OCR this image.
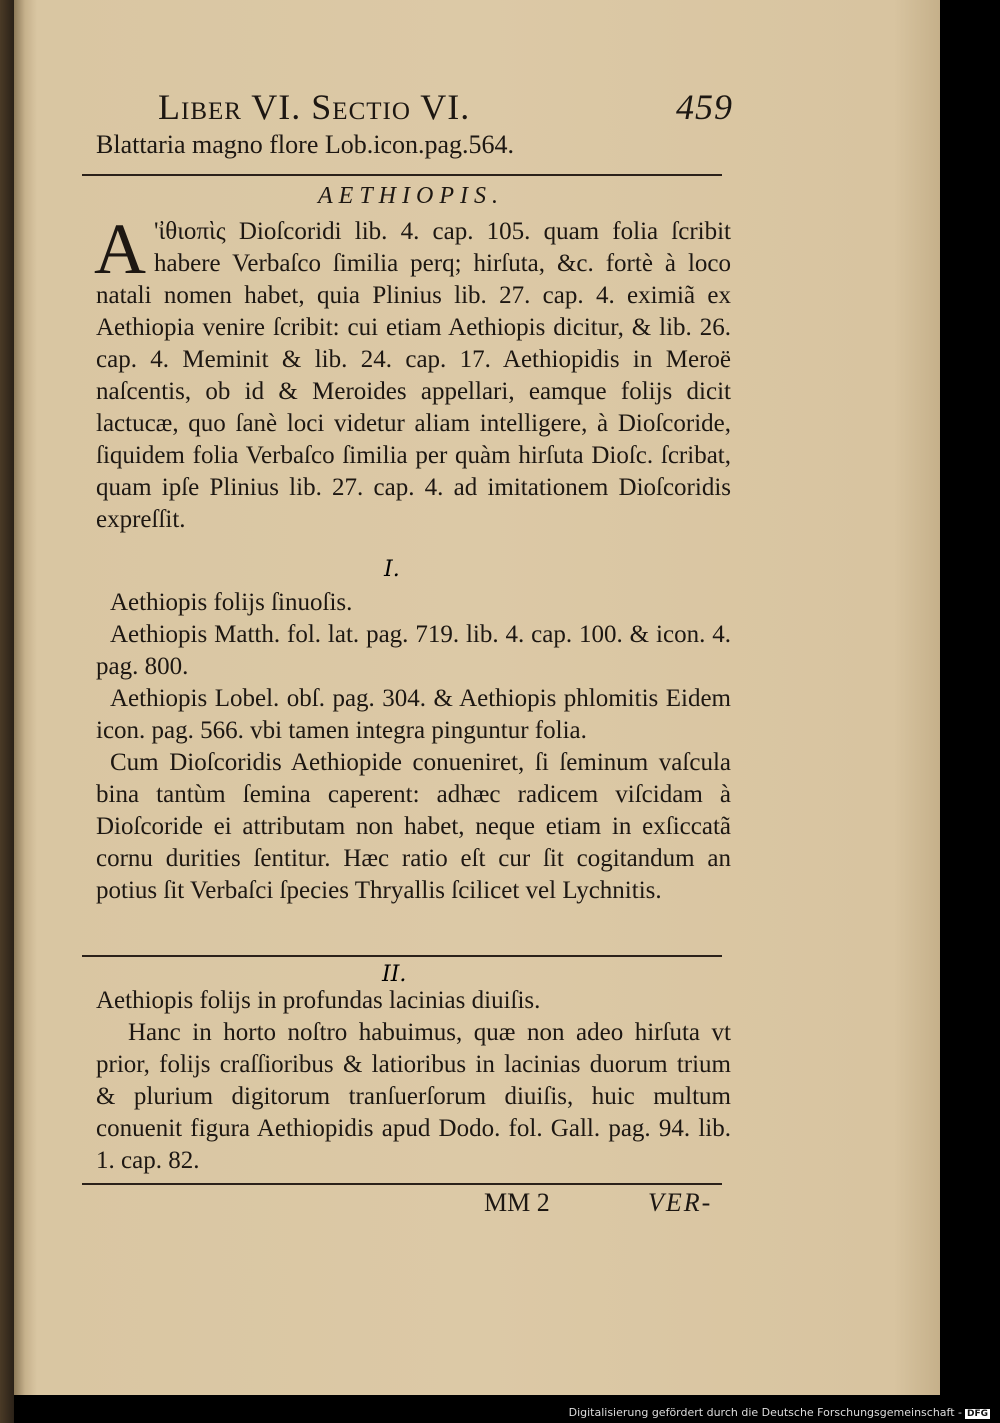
Liber VI. Sectio VI.	459
Blattaria magno flore Lob.icon.pag.564.
AETHIOPIS.
A 'ἰθιοπὶς Dioſcoridi lib. 4. cap. 105. quam folia ſcribit habere Verbaſco ſimilia perq; hirſuta, &c. fortè à loco natali nomen habet, quia Plinius lib. 27. cap. 4. eximiã ex Aethiopia venire ſcribit: cui etiam Aethiopis dicitur, & lib. 26. cap. 4. Meminit & lib. 24. cap. 17. Aethiopidis in Meroë naſcentis, ob id & Meroides appellari, eamque folijs dicit lactucæ, quo ſanè loci videtur aliam intelligere, à Dioſcoride, ſiquidem folia Verbaſco ſimilia per quàm hirſuta Dioſc. ſcribat, quam ipſe Plinius lib. 27. cap. 4. ad imitationem Dioſcoridis expreſſit.

I.

Aethiopis folijs ſinuoſis.

Aethiopis Matth. fol. lat. pag. 719. lib. 4. cap. 100. & icon. 4. pag. 800.

Aethiopis Lobel. obſ. pag. 304. & Aethiopis phlomitis Eidem icon. pag. 566. vbi tamen integra pinguntur folia.

Cum Dioſcoridis Aethiopide conueniret, ſi ſeminum vaſcula bina tantùm ſemina caperent: adhæc radicem viſcidam à Dioſcoride ei attributam non habet, neque etiam in exſiccatã cornu durities ſentitur. Hæc ratio eſt cur ſit cogitandum an potius ſit Verbaſci ſpecies Thryallis ſcilicet vel Lychnitis.

II.

Aethiopis folijs in profundas lacinias diuiſis.

Hanc in horto noſtro habuimus, quæ non adeo hirſuta vt prior, folijs craſſioribus & latioribus in lacinias duorum trium & plurium digitorum tranſuerſorum diuiſis, huic multum conuenit figura Aethiopidis apud Dodo. fol. Gall. pag. 94. lib. 1. cap. 82.

MM 2	VER-
Digitalisierung gefördert durch die Deutsche Forschungsgemeinschaft - DFG
